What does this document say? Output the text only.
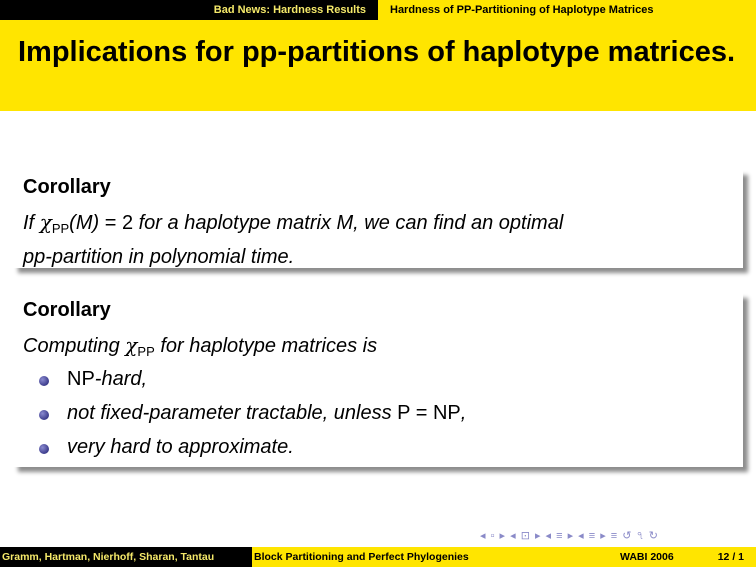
Bad News: Hardness Results	Hardness of PP-Partitioning of Haplotype Matrices
Implications for pp-partitions of haplotype matrices.
Corollary
If $\chi_{PP}(M) = 2$ for a haplotype matrix M, we can find an optimal
pp-partition in polynomial time.
Corollary
Computing $\chi_{PP}$ for haplotype matrices is
NP-hard,
not fixed-parameter tractable, unless P = NP,
very hard to approximate.
◂ ▫ ▸ ◂ ⊡ ▸ ◂ ≡ ▸ ◂ ≡ ▸ ≡ ↺ ৭ ↻
Gramm, Hartman, Nierhoff, Sharan, Tantau	Block Partitioning and Perfect Phylogenies	WABI 2006	12 / 1
